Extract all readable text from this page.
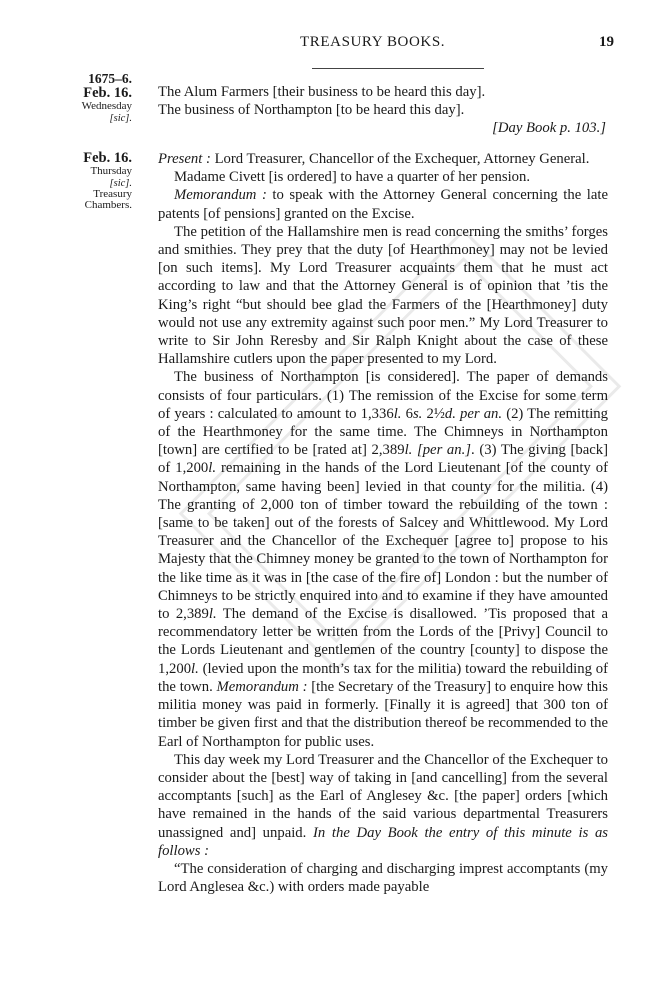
TREASURY BOOKS.	19
1675–6.
Feb. 16.
Wednesday
[sic].

The Alum Farmers [their business to be heard this day].

The business of Northampton [to be heard this day].

[Day Book p. 103.]

Feb. 16.
Thursday
[sic].
Treasury
Chambers.

Present : Lord Treasurer, Chancellor of the Exchequer, Attorney General.

Madame Civett [is ordered] to have a quarter of her pension.

Memorandum : to speak with the Attorney General concerning the late patents [of pensions] granted on the Excise.

The petition of the Hallamshire men is read concerning the smiths’ forges and smithies. They prey that the duty [of Hearthmoney] may not be levied [on such items]. My Lord Treasurer acquaints them that he must act according to law and that the Attorney General is of opinion that ’tis the King’s right “but should bee glad the Farmers of the [Hearthmoney] duty would not use any extremity against such poor men.” My Lord Treasurer to write to Sir John Reresby and Sir Ralph Knight about the case of these Hallamshire cutlers upon the paper presented to my Lord.

The business of Northampton [is considered]. The paper of demands consists of four particulars. (1) The remission of the Excise for some term of years : calculated to amount to 1,336l. 6s. 2½d. per an. (2) The remitting of the Hearthmoney for the same time. The Chimneys in Northampton [town] are certified to be [rated at] 2,389l. [per an.]. (3) The giving [back] of 1,200l. remaining in the hands of the Lord Lieutenant [of the county of Northampton, same having been] levied in that county for the militia. (4) The granting of 2,000 ton of timber toward the rebuilding of the town : [same to be taken] out of the forests of Salcey and Whittlewood. My Lord Treasurer and the Chancellor of the Exchequer [agree to] propose to his Majesty that the Chimney money be granted to the town of Northampton for the like time as it was in [the case of the fire of] London : but the number of Chimneys to be strictly enquired into and to examine if they have amounted to 2,389l. The demand of the Excise is disallowed. ’Tis proposed that a recommendatory letter be written from the Lords of the [Privy] Council to the Lords Lieutenant and gentlemen of the country [county] to dispose the 1,200l. (levied upon the month’s tax for the militia) toward the rebuilding of the town. Memorandum : [the Secretary of the Treasury] to enquire how this militia money was paid in formerly. [Finally it is agreed] that 300 ton of timber be given first and that the distribution thereof be recommended to the Earl of Northampton for public uses.

This day week my Lord Treasurer and the Chancellor of the Exchequer to consider about the [best] way of taking in [and cancelling] from the several accomptants [such] as the Earl of Anglesey &c. [the paper] orders [which have remained in the hands of the said various departmental Treasurers unassigned and] unpaid. In the Day Book the entry of this minute is as follows :

“The consideration of charging and discharging imprest accomptants (my Lord Anglesea &c.) with orders made payable
